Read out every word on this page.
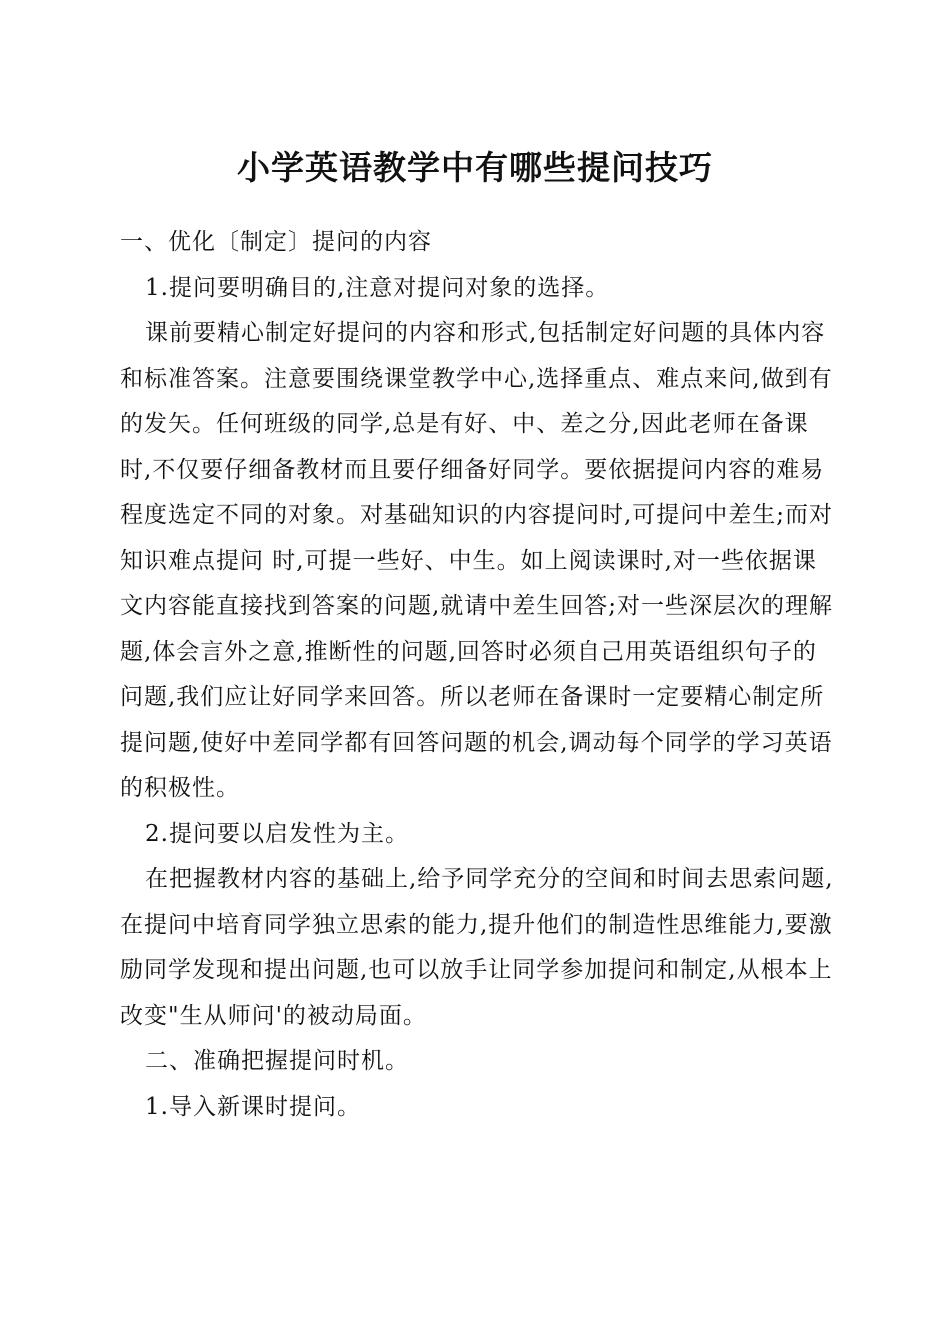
小学英语教学中有哪些提问技巧

一、优化〔制定〕提问的内容

1.提问要明确目的,注意对提问对象的选择。

课前要精心制定好提问的内容和形式,包括制定好问题的具体内容和标准答案。注意要围绕课堂教学中心,选择重点、难点来问,做到有的发矢。任何班级的同学,总是有好、中、差之分,因此老师在备课时,不仅要仔细备教材而且要仔细备好同学。要依据提问内容的难易程度选定不同的对象。对基础知识的内容提问时,可提问中差生;而对知识难点提问 时,可提一些好、中生。如上阅读课时,对一些依据课文内容能直接找到答案的问题,就请中差生回答;对一些深层次的理解题,体会言外之意,推断性的问题,回答时必须自己用英语组织句子的问题,我们应让好同学来回答。所以老师在备课时一定要精心制定所提问题,使好中差同学都有回答问题的机会,调动每个同学的学习英语的积极性。

2.提问要以启发性为主。

在把握教材内容的基础上,给予同学充分的空间和时间去思索问题,在提问中培育同学独立思索的能力,提升他们的制造性思维能力,要激励同学发现和提出问题,也可以放手让同学参加提问和制定,从根本上改变"生从师问'的被动局面。

二、准确把握提问时机。

1.导入新课时提问。
